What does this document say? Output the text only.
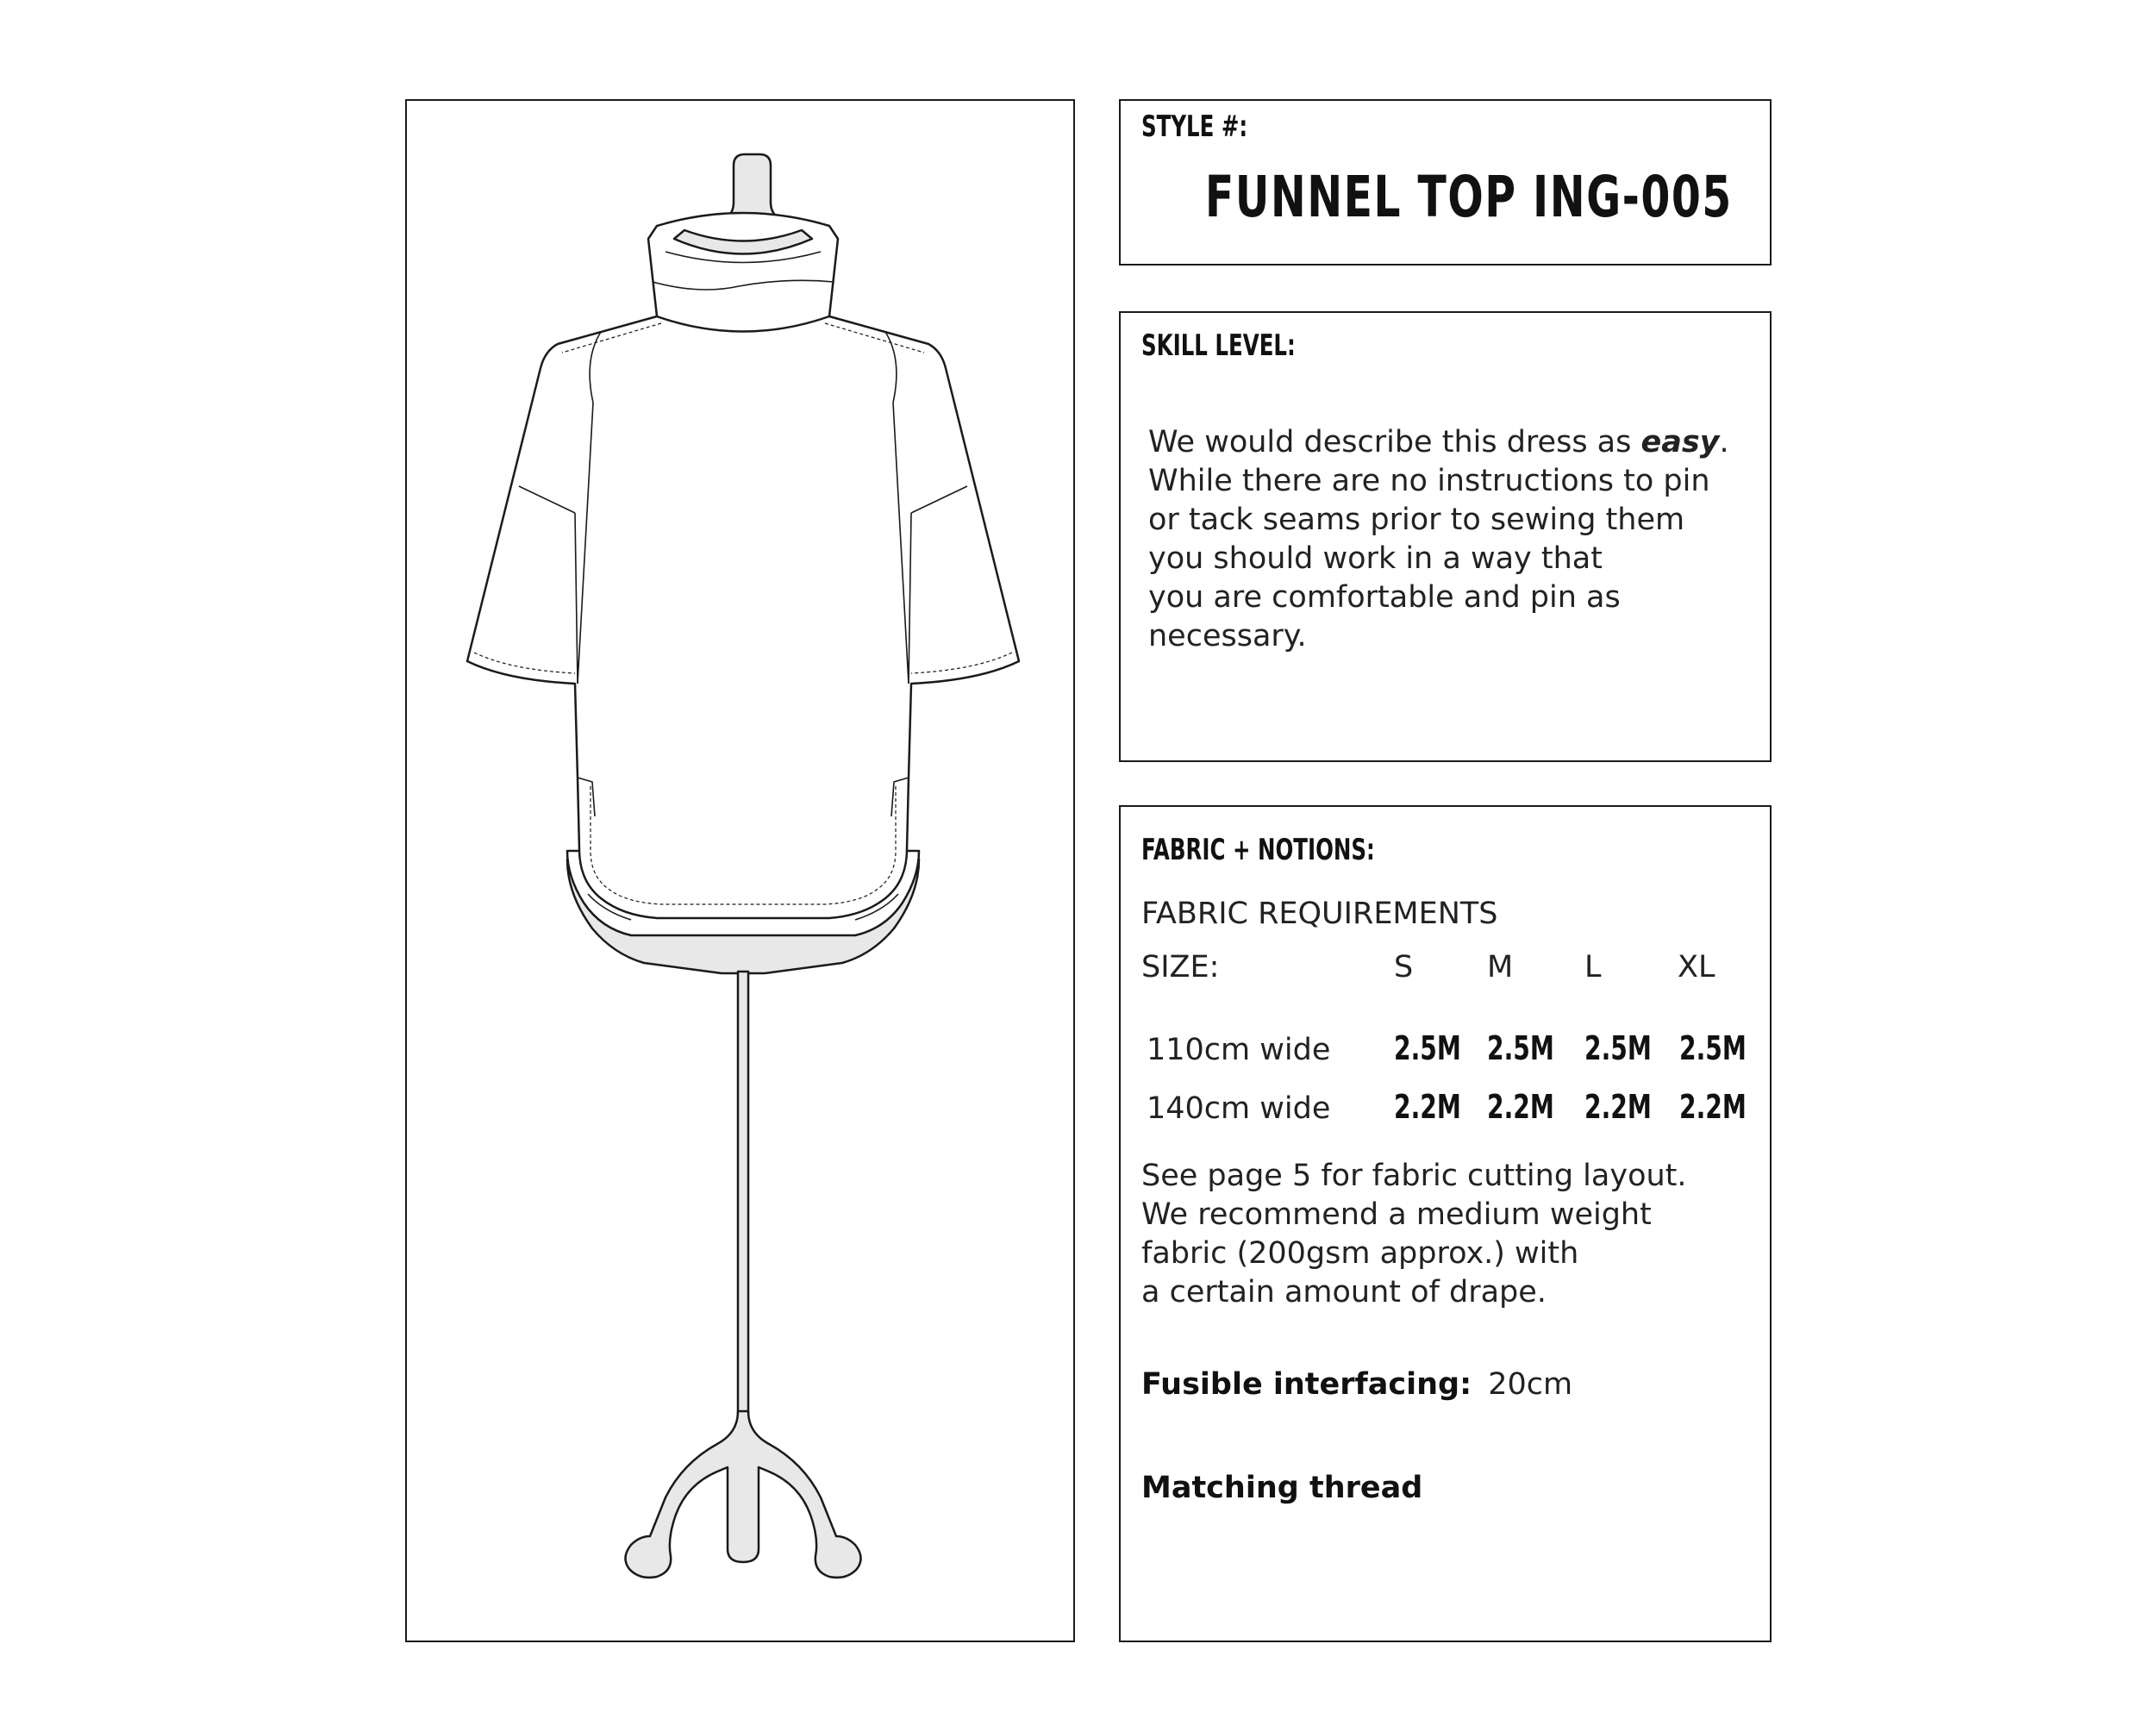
STYLE #:
FUNNEL TOP ING-005
SKILL LEVEL:
We would describe this dress as easy.
While there are no instructions to pin
or tack seams prior to sewing them
you should work in a way that
you are comfortable and pin as
necessary.
FABRIC + NOTIONS:
FABRIC REQUIREMENTS
SIZE:	S M L	XL
110cm wide 2.5M 2.5M 2.5M 2.5M
140cm wide 2.2M 2.2M 2.2M 2.2M
See page 5 for fabric cutting layout.
We recommend a medium weight
fabric (200gsm approx.) with
a certain amount of drape.
Fusible interfacing: 20cm
Matching thread
